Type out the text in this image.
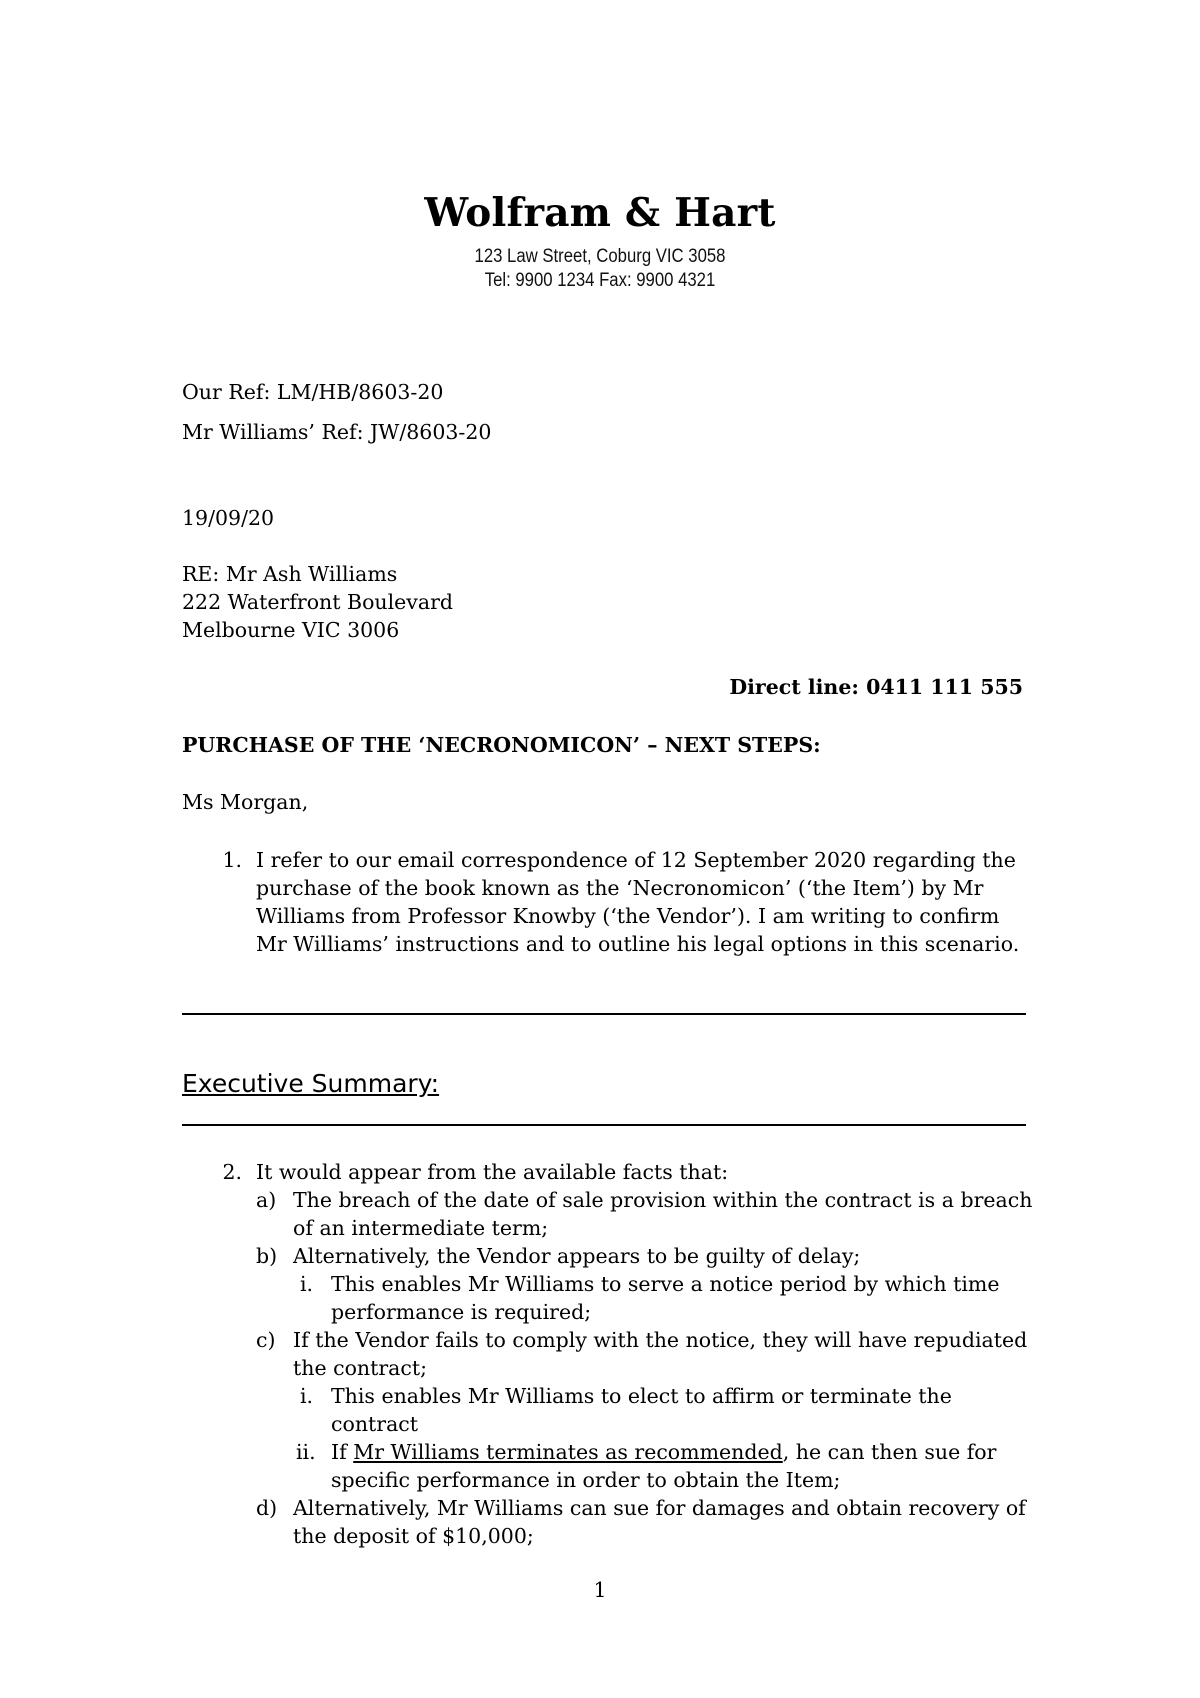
Wolfram & Hart
123 Law Street, Coburg VIC 3058
Tel: 9900 1234 Fax: 9900 4321
Our Ref: LM/HB/8603-20
Mr Williams’ Ref: JW/8603-20
19/09/20
RE: Mr Ash Williams
222 Waterfront Boulevard
Melbourne VIC 3006
Direct line: 0411 111 555
PURCHASE OF THE ‘NECRONOMICON’ – NEXT STEPS:
Ms Morgan,
1. I refer to our email correspondence of 12 September 2020 regarding the
purchase of the book known as the ‘Necronomicon’ (‘the Item’) by Mr
Williams from Professor Knowby (‘the Vendor’). I am writing to confirm
Mr Williams’ instructions and to outline his legal options in this scenario.
Executive Summary:
2. It would appear from the available facts that:
a) The breach of the date of sale provision within the contract is a breach
of an intermediate term;
b) Alternatively, the Vendor appears to be guilty of delay;
i. This enables Mr Williams to serve a notice period by which time
performance is required;
c) If the Vendor fails to comply with the notice, they will have repudiated
the contract;
i. This enables Mr Williams to elect to affirm or terminate the
contract
ii. If Mr Williams terminates as recommended, he can then sue for
specific performance in order to obtain the Item;
d) Alternatively, Mr Williams can sue for damages and obtain recovery of
the deposit of $10,000;
1
